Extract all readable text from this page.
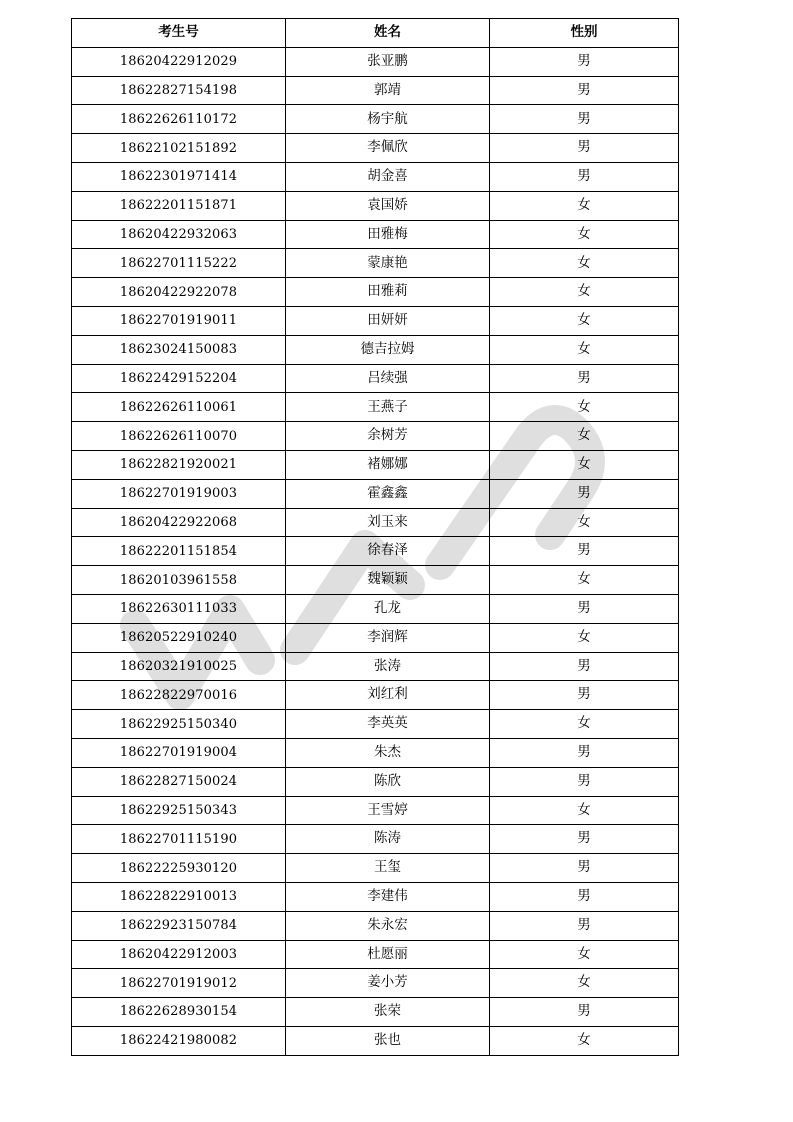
考生号	姓名	性别
18620422912029	张亚鹏	男
18622827154198	郭靖	男
18622626110172	杨宇航	男
18622102151892	李佩欣	男
18622301971414	胡金喜	男
18622201151871	袁国娇	女
18620422932063	田雅梅	女
18622701115222	蒙康艳	女
18620422922078	田雅莉	女
18622701919011	田妍妍	女
18623024150083	德吉拉姆	女
18622429152204	吕续强	男
18622626110061	王燕子	女
18622626110070	余树芳	女
18622821920021	褚娜娜	女
18622701919003	霍鑫鑫	男
18620422922068	刘玉来	女
18622201151854	徐春泽	男
18620103961558	魏颖颖	女
18622630111033	孔龙	男
18620522910240	李润辉	女
18620321910025	张涛	男
18622822970016	刘红利	男
18622925150340	李英英	女
18622701919004	朱杰	男
18622827150024	陈欣	男
18622925150343	王雪婷	女
18622701115190	陈涛	男
18622225930120	王玺	男
18622822910013	李建伟	男
18622923150784	朱永宏	男
18620422912003	杜愿丽	女
18622701919012	姜小芳	女
18622628930154	张荣	男
18622421980082	张也	女
